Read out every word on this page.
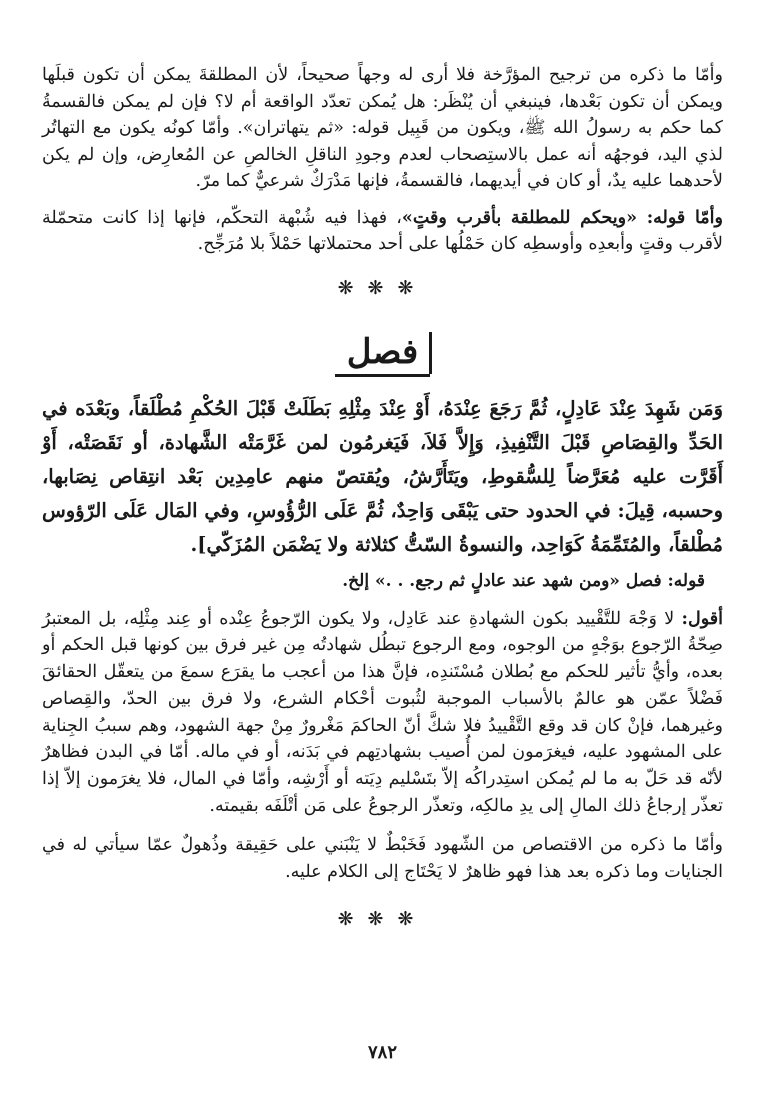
وأمّا ما ذكره من ترجيح المؤرَّخة فلا أرى له وجهاً صحيحاً، لأن المطلقةَ يمكن أن تكون قبلَها ويمكن أن تكون بَعْدها، فينبغي أن يُنْظَر: هل يُمكن تعدّد الواقعة أم لا؟ فإن لم يمكن فالقسمةُ كما حكم به رسولُ الله ﷺ، ويكون من قَبِيل قوله: «ثم يتهاتران». وأمّا كونُه يكون مع التهاتُر لذي اليد، فوجهُه أنه عمل بالاستِصحاب لعدم وجودِ الناقلِ الخالصِ عن المُعارِض، وإن لم يكن لأحدهما عليه يدٌ، أو كان في أيديهما، فالقسمةُ، فإنها مَدْرَكٌ شرعيٌّ كما مرّ.

وأمّا قوله: «ويحكم للمطلقة بأقرب وقتٍ»، فهذا فيه شُبْهة التحكّم، فإنها إذا كانت متحمّلة لأقرب وقتٍ وأبعدِه وأوسطِه كان حَمْلُها على أحد محتملاتها حَمْلاً بلا مُرَجِّح.

❋❋❋
فصل

وَمَن شَهِدَ عِنْدَ عَادِلٍ، ثُمَّ رَجَعَ عِنْدَهُ، أَوْ عِنْدَ مِثْلِهِ بَطَلَتْ قَبْلَ الحُكْمِ مُطْلَقاً، وبَعْدَه في الحَدِّ والقِصَاصِ قَبْلَ التَّنْفِيذِ، وَإِلاَّ فَلاَ، فَيَغرمُون لمن غَرَّمَتْه الشَّهادة، أو نَقَصَتْه، أَوْ أَقَرَّت عليه مُعَرَّضاً لِلسُّقوطِ، ويَتَأَرَّشُ، ويُقتصّ منهم عامِدِين بَعْد انتِقاص نِصَابها، وحسبه، قِيلَ: في الحدود حتى يَبْقَى وَاحِدٌ، ثُمَّ عَلَى الرُّؤُوسِ، وفي المَال عَلَى الرّؤوس مُطْلقاً، والمُتَمِّمَةُ كَوَاحِد، والنسوةُ السّتُّ كثلاثة ولا يَضْمَن المُزَكّي].

قوله: فصل «ومن شهد عند عادلٍ ثم رجع. . .» إلخ.

أقول: لا وَجْهَ للتَّقْييد بكون الشهادةِ عند عَادِل، ولا يكون الرّجوعُ عِنْده أو عِند مِثْلِه، بل المعتبرُ صِحّةُ الرّجوع بوَجْهٍ من الوجوه، ومع الرجوع تبطُل شهادتُه مِن غير فرق بين كونها قبل الحكم أو بعده، وأيُّ تأثير للحكم مع بُطلان مُسْتَندِه، فإنَّ هذا من أعجب ما يقرَع سمعَ من يتعقّل الحقائقَ فَضْلاً عمّن هو عالمٌ بالأسباب الموجبة لثُبوت أحْكام الشرع، ولا فرق بين الحدّ، والقِصاص وغيرهما، فإنْ كان قد وقع التَّقْييدُ فلا شكَّ أنّ الحاكمَ مَغْرورٌ مِنْ جهة الشهود، وهم سببُ الجِناية على المشهود عليه، فيغرَمون لمن أُصيب بشهادتِهم في بَدَنه، أو في ماله. أمّا في البدن فظاهرٌ لأنّه قد حَلّ به ما لم يُمكن استِدراكُه إلاّ بتَسْليم دِيَته أو أَرْشِه، وأمّا في المال، فلا يغرَمون إلاّ إذا تعذّر إرجاعُ ذلك المالِ إلى يدِ مالكِه، وتعذّر الرجوعُ على مَن أتْلَفَه بقيمته.

وأمّا ما ذكره من الاقتصاص من الشّهود فَخَبْطٌ لا يَنْبَني على حَقِيقة وذُهولٌ عمّا سيأتي له في الجنايات وما ذكره بعد هذا فهو ظاهرٌ لا يَحْتَاج إلى الكلام عليه.

❋❋❋
٧٨٢
